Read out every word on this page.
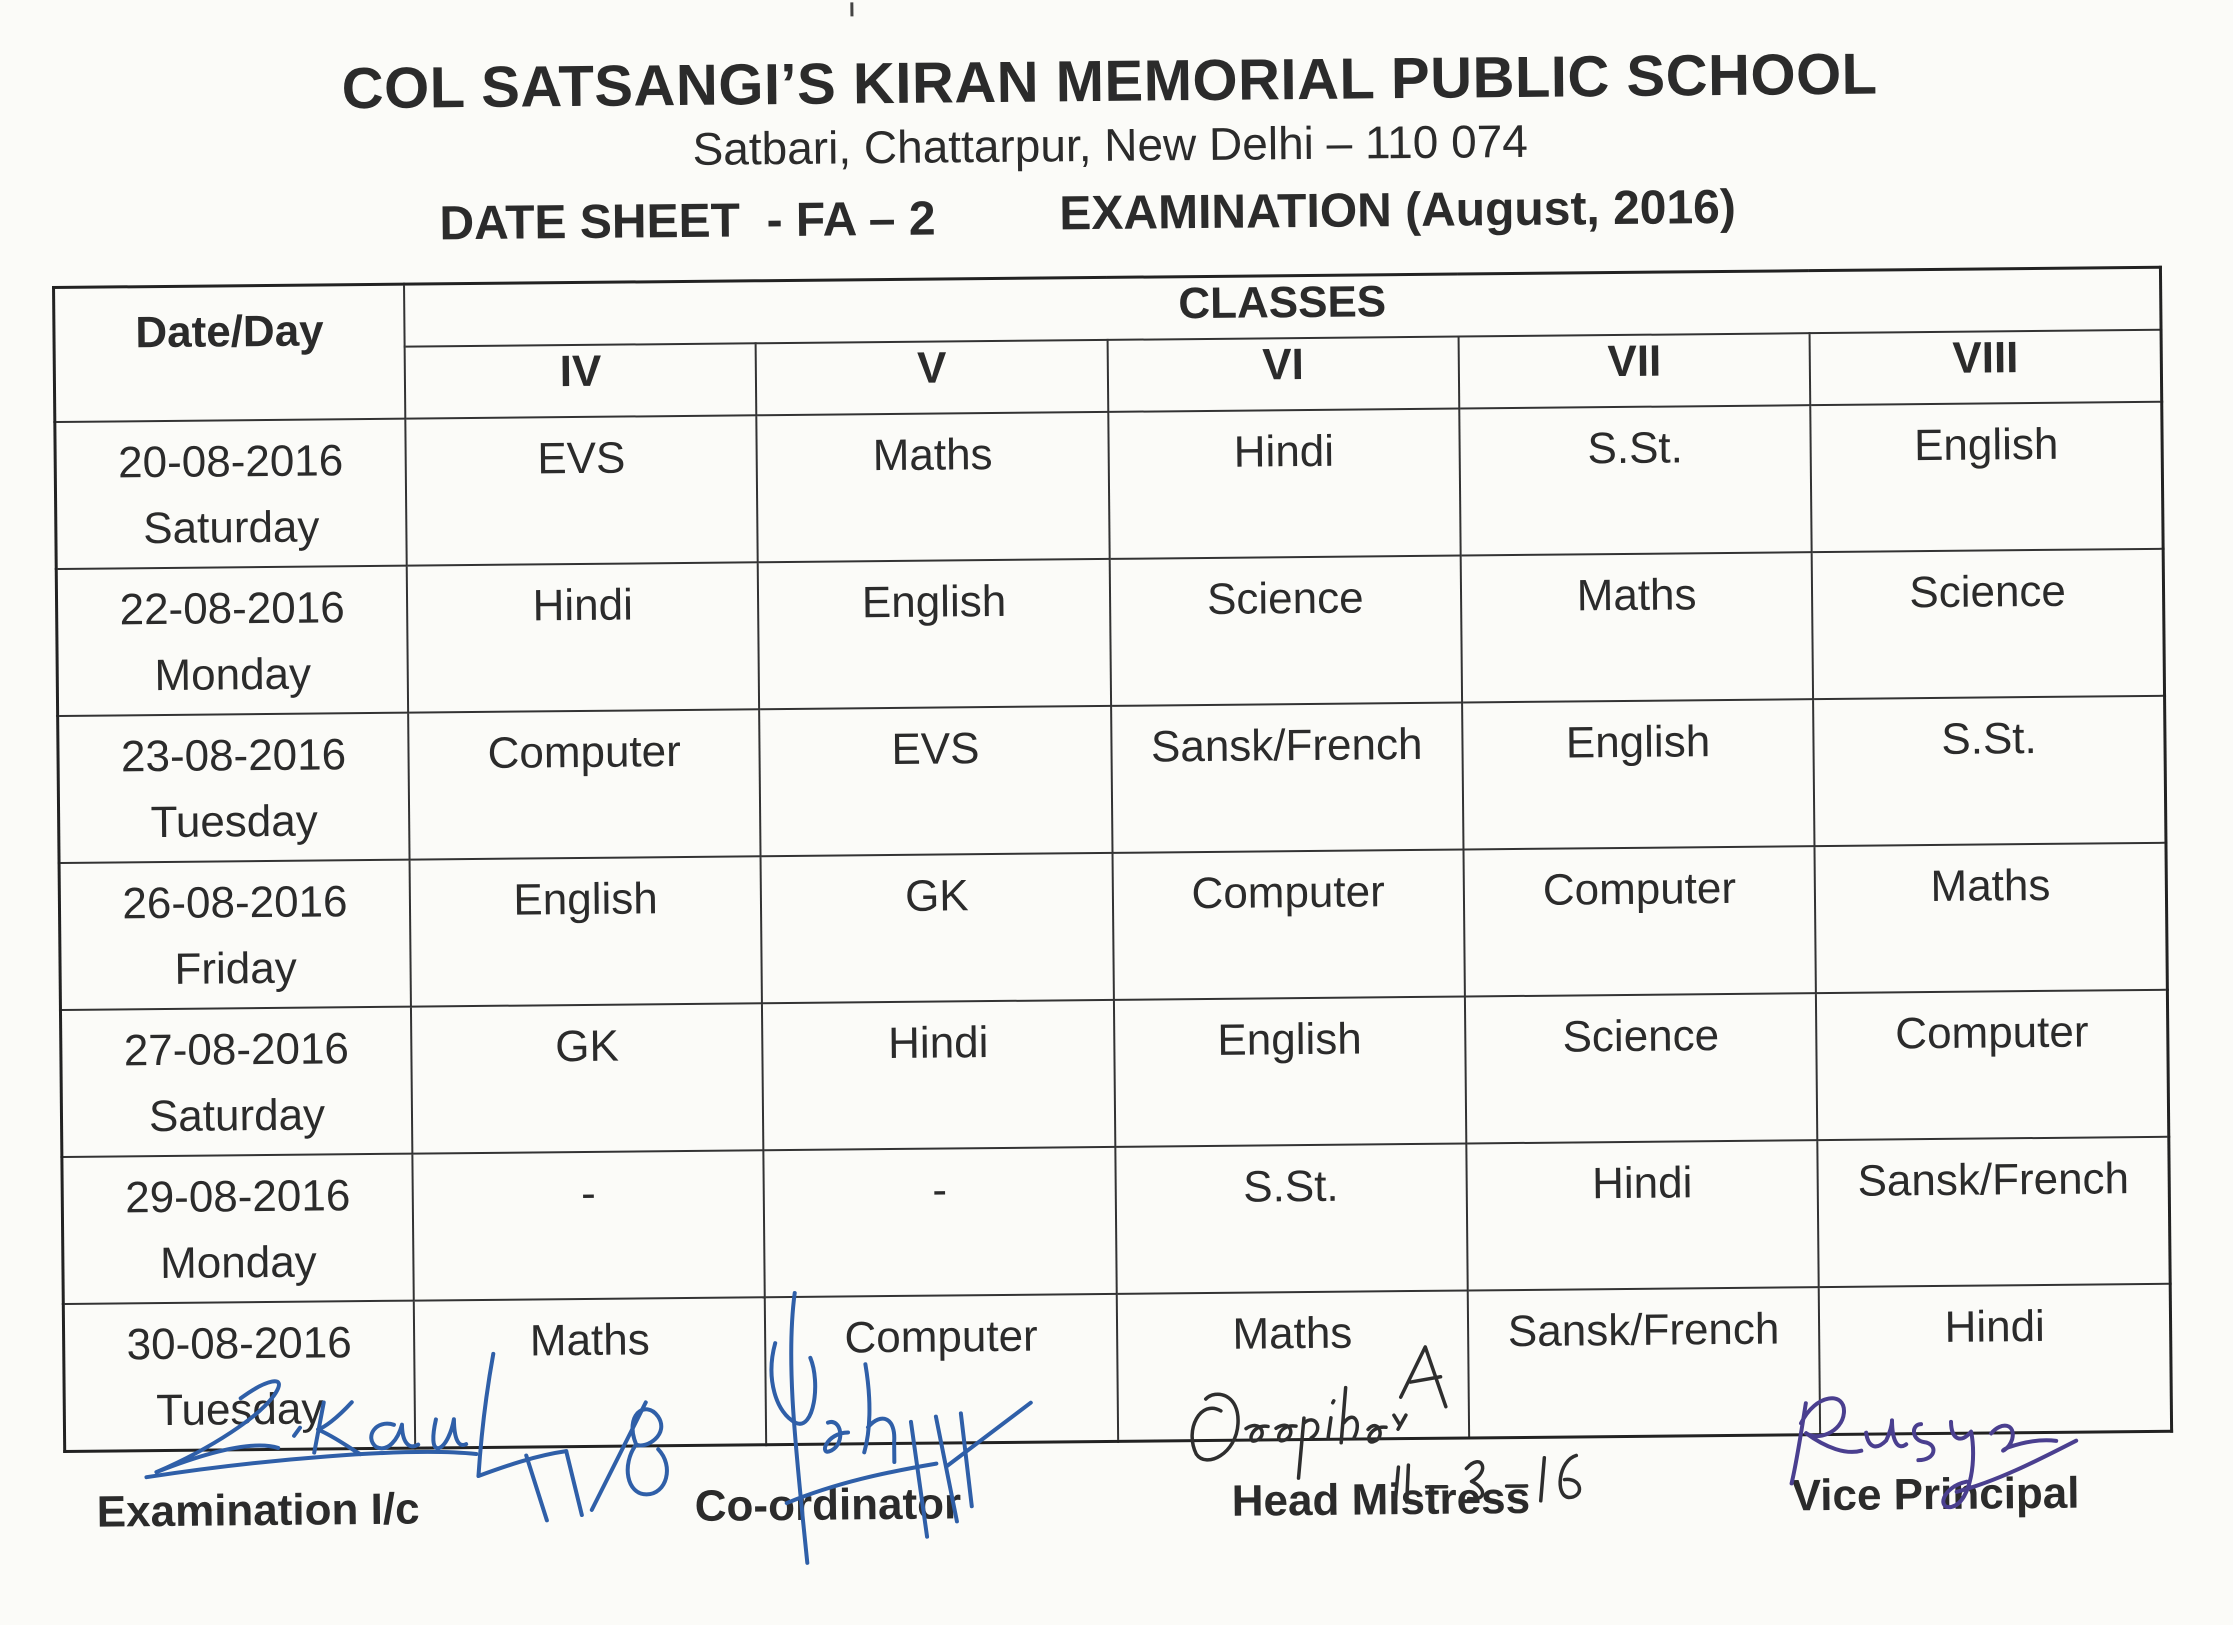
COL SATSANGI’S KIRAN MEMORIAL PUBLIC SCHOOL
Satbari, Chattarpur, New Delhi – 110 074
DATE SHEET  - FA – 2	EXAMINATION (August, 2016)
Date/Day	CLASSES				
	IV	V	VI	VII	VIII

20-08-2016
Saturday	EVS	Maths	Hindi	S.St.	English

22-08-2016
Monday	Hindi	English	Science	Maths	Science

23-08-2016
Tuesday	Computer	EVS	Sansk/French	English	S.St.

26-08-2016
Friday	English	GK	Computer	Computer	Maths

27-08-2016
Saturday	GK	Hindi	English	Science	Computer

29-08-2016
Monday	-	-	S.St.	Hindi	Sansk/French

30-08-2016
Tuesday	Maths	Computer	Maths	Sansk/French	Hindi
Examination I/c	Co-ordinator	Head Mistress	Vice Principal
